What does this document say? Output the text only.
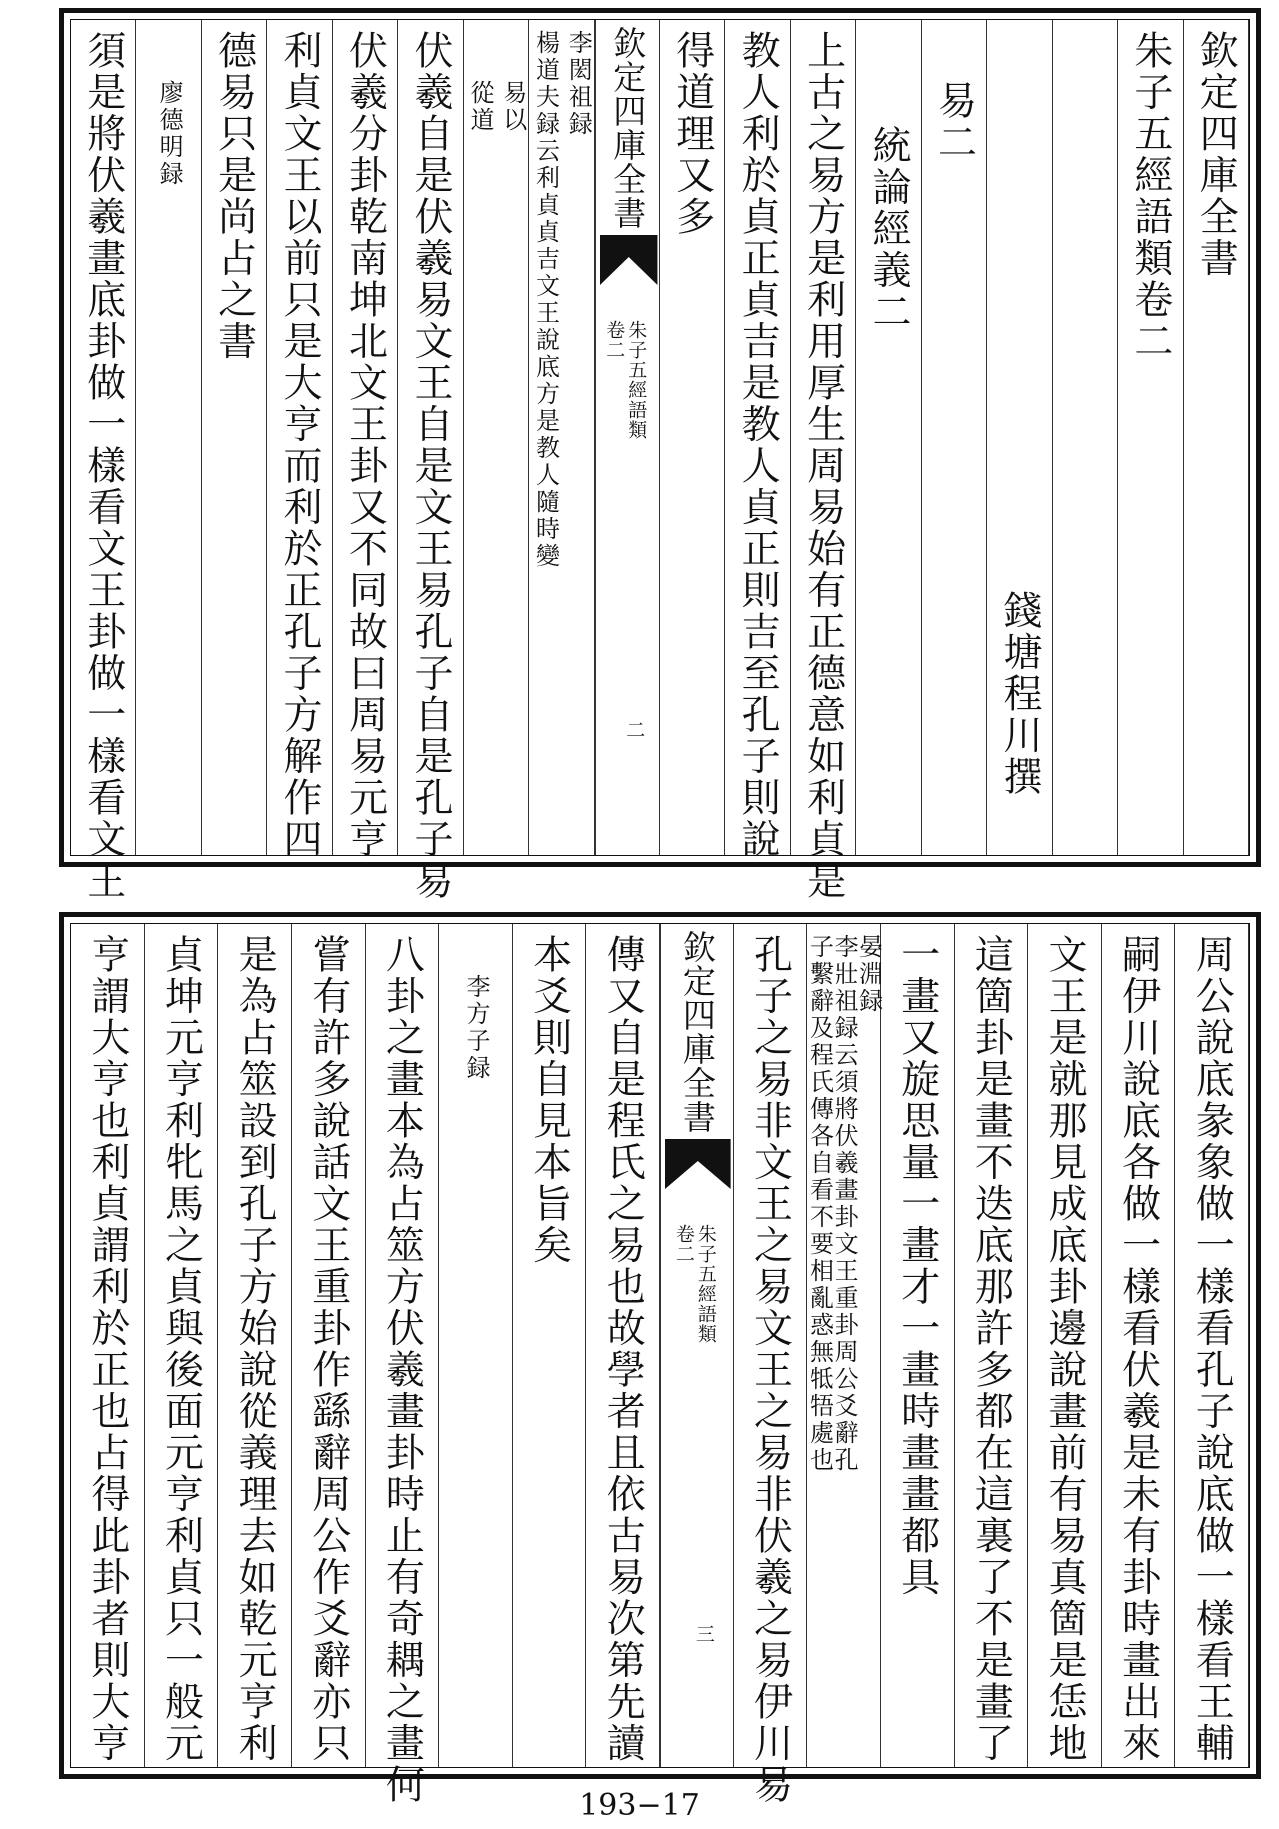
欽定四庫全書
朱子五經語類卷二
錢塘程川撰
易二
統論經義二
上古之易方是利用厚生周易始有正德意如利貞是
教人利於貞正貞吉是教人貞正則吉至孔子則說
得道理又多
欽定四庫全書
朱子五經語類
卷二
二
李閎祖録
楊道夫録云利貞貞吉文王說底方是教人隨時變
易以
從道
伏羲自是伏羲易文王自是文王易孔子自是孔子易
伏羲分卦乾南坤北文王卦又不同故曰周易元亨
利貞文王以前只是大亨而利於正孔子方解作四
德易只是尚占之書
廖德明録
須是將伏羲畫底卦做一樣看文王卦做一樣看文王
周公說底彖象做一樣看孔子說底做一樣看王輔
嗣伊川說底各做一樣看伏羲是未有卦時畫出來
文王是就那見成底卦邊說畫前有易真箇是恁地
這箇卦是畫不迭底那許多都在這裏了不是畫了
一畫又旋思量一畫才一畫時畫畫都具
晏淵録
李壯祖録云須將伏羲畫卦文王重卦周公爻辭孔
子繫辭及程氏傳各自看不要相亂惑無牴牾處也
孔子之易非文王之易文王之易非伏羲之易伊川易
欽定四庫全書
朱子五經語類
卷二
三
傳又自是程氏之易也故學者且依古易次第先讀
本爻則自見本旨矣
李方子録
八卦之畫本為占筮方伏羲畫卦時止有奇耦之畫何
嘗有許多說話文王重卦作繇辭周公作爻辭亦只
是為占筮設到孔子方始說從義理去如乾元亨利
貞坤元亨利牝馬之貞與後面元亨利貞只一般元
亨謂大亨也利貞謂利於正也占得此卦者則大亨
193−17
